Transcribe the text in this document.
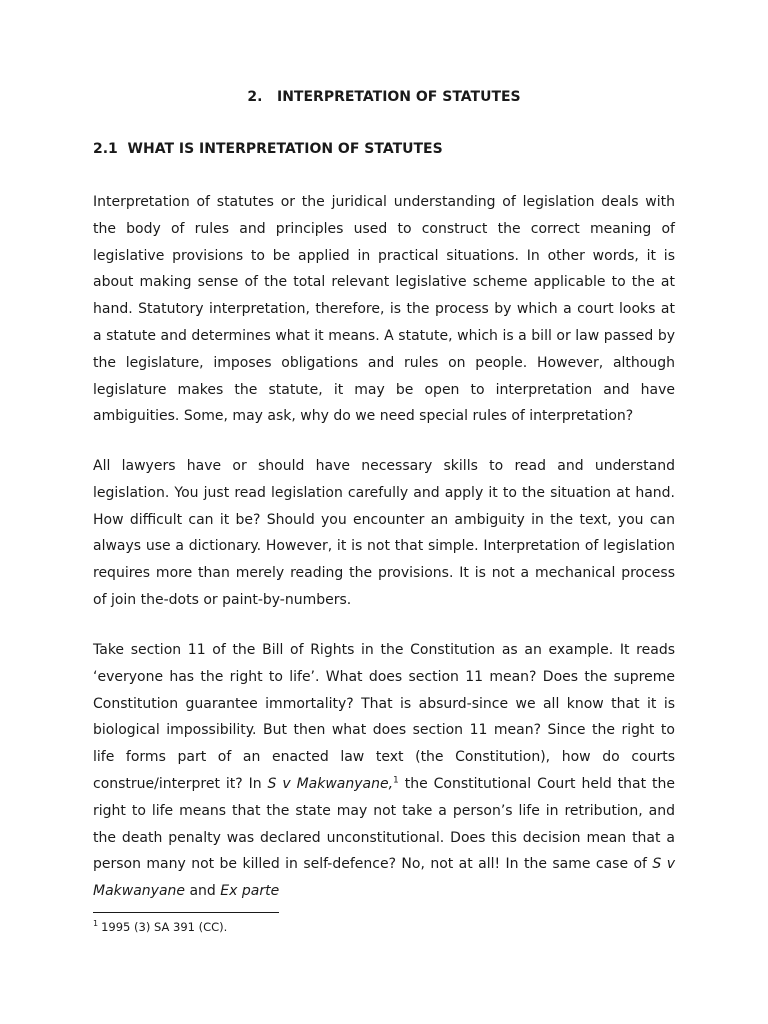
2.   INTERPRETATION OF STATUTES
2.1  WHAT IS INTERPRETATION OF STATUTES

Interpretation of statutes or the juridical understanding of legislation deals with the body of rules and principles used to construct the correct meaning of legislative provisions to be applied in practical situations. In other words, it is about making sense of the total relevant legislative scheme applicable to the at hand. Statutory interpretation, therefore, is the process by which a court looks at a statute and determines what it means. A statute, which is a bill or law passed by the legislature, imposes obligations and rules on people. However, although legislature makes the statute, it may be open to interpretation and have ambiguities. Some, may ask, why do we need special rules of interpretation?

All lawyers have or should have necessary skills to read and understand legislation. You just read legislation carefully and apply it to the situation at hand. How difficult can it be? Should you encounter an ambiguity in the text, you can always use a dictionary. However, it is not that simple. Interpretation of legislation requires more than merely reading the provisions. It is not a mechanical process of join the-dots or paint-by-numbers.

Take section 11 of the Bill of Rights in the Constitution as an example. It reads ‘everyone has the right to life’. What does section 11 mean? Does the supreme Constitution guarantee immortality? That is absurd-since we all know that it is biological impossibility. But then what does section 11 mean? Since the right to life forms part of an enacted law text (the Constitution), how do courts construe/interpret it? In S v Makwanyane,$^1$ the Constitutional Court held that the right to life means that the state may not take a person’s life in retribution, and the death penalty was declared unconstitutional. Does this decision mean that a person many not be killed in self-defence? No, not at all! In the same case of S v Makwanyane and Ex parte

$^1$ 1995 (3) SA 391 (CC).
